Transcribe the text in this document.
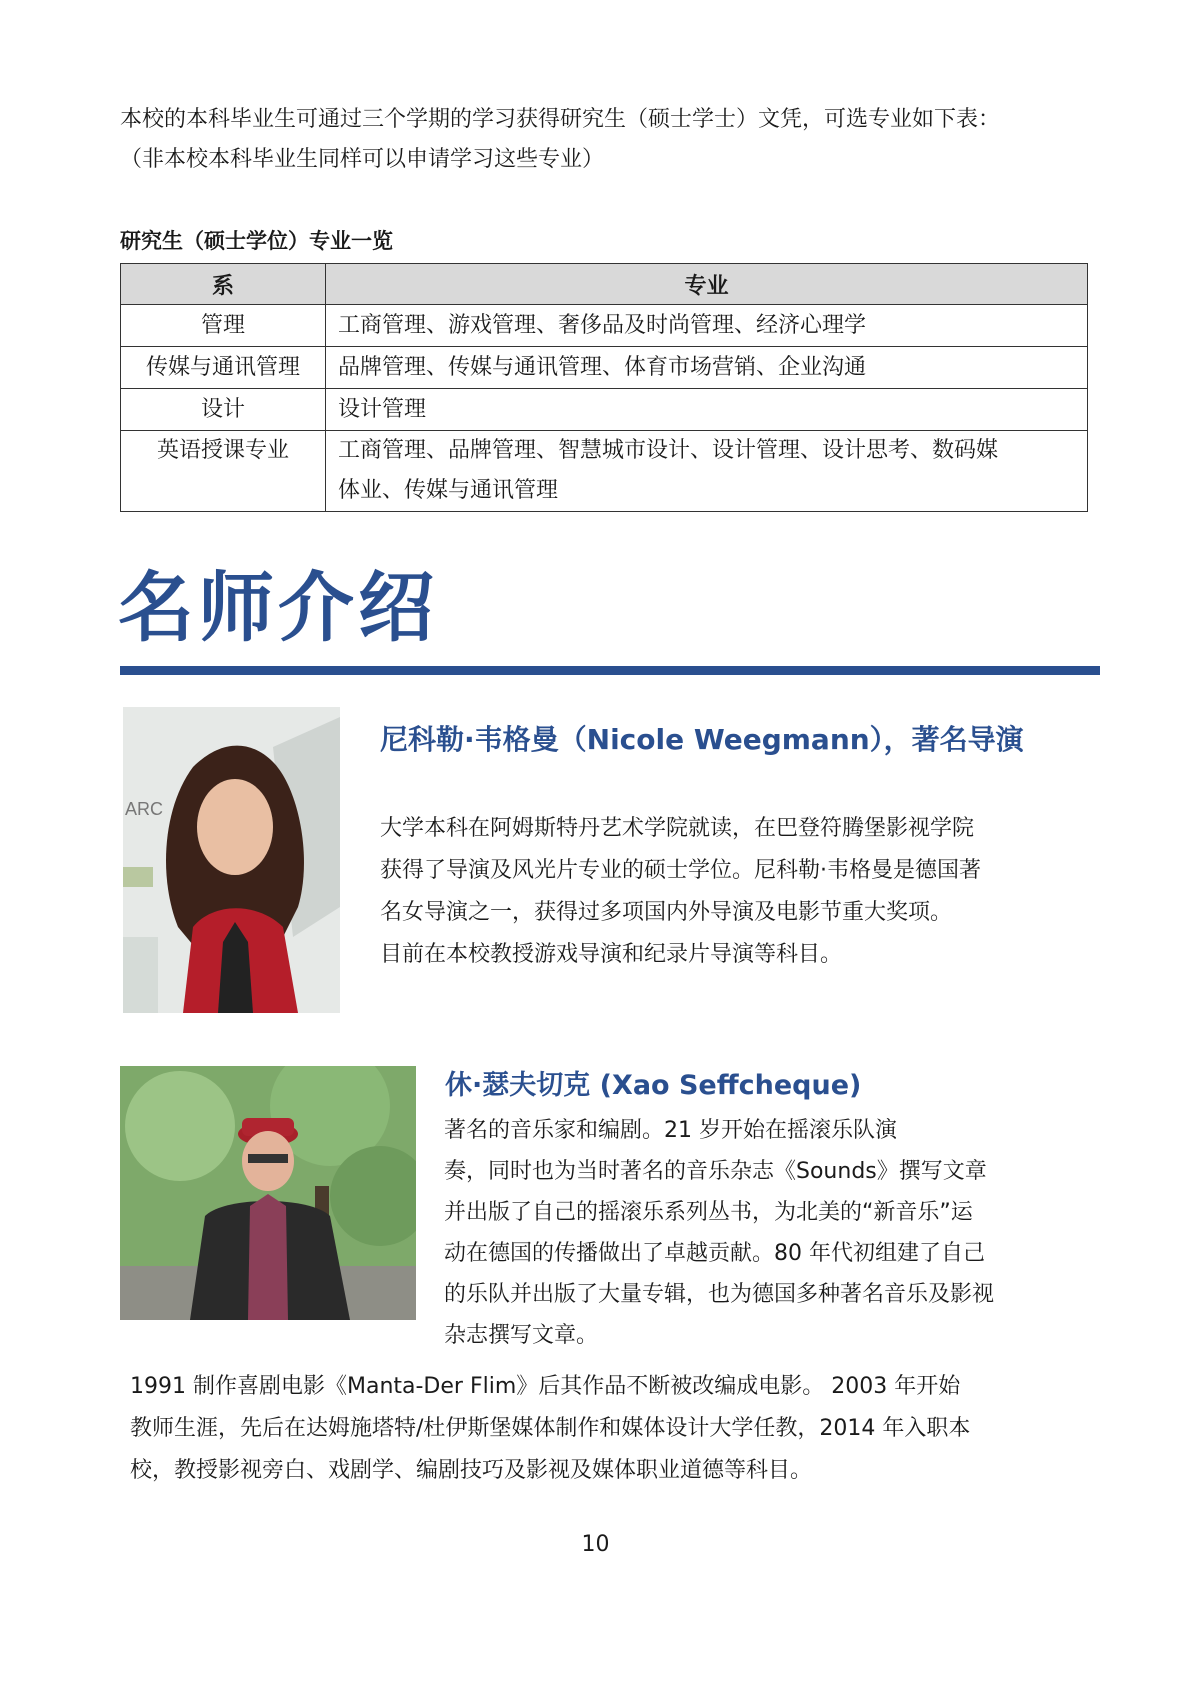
本校的本科毕业生可通过三个学期的学习获得研究生（硕士学士）文凭，可选专业如下表：
（非本校本科毕业生同样可以申请学习这些专业）

研究生（硕士学位）专业一览
系	专业
管理	工商管理、游戏管理、奢侈品及时尚管理、经济心理学
传媒与通讯管理	品牌管理、传媒与通讯管理、体育市场营销、企业沟通
设计	设计管理
英语授课专业	工商管理、品牌管理、智慧城市设计、设计管理、设计思考、数码媒
体业、传媒与通讯管理
名师介绍
ARC
尼科勒·韦格曼（Nicole Weegmann），著名导演

大学本科在阿姆斯特丹艺术学院就读，在巴登符腾堡影视学院
获得了导演及风光片专业的硕士学位。尼科勒·韦格曼是德国著
名女导演之一，获得过多项国内外导演及电影节重大奖项。
目前在本校教授游戏导演和纪录片导演等科目。

休·瑟夫切克 (Xao Seffcheque)

著名的音乐家和编剧。21 岁开始在摇滚乐队演
奏，同时也为当时著名的音乐杂志《Sounds》撰写文章
并出版了自己的摇滚乐系列丛书，为北美的“新音乐”运
动在德国的传播做出了卓越贡献。80 年代初组建了自己
的乐队并出版了大量专辑，也为德国多种著名音乐及影视
杂志撰写文章。

1991 制作喜剧电影《Manta-Der Flim》后其作品不断被改编成电影。 2003 年开始
教师生涯，先后在达姆施塔特/杜伊斯堡媒体制作和媒体设计大学任教，2014 年入职本
校，教授影视旁白、戏剧学、编剧技巧及影视及媒体职业道德等科目。

10
